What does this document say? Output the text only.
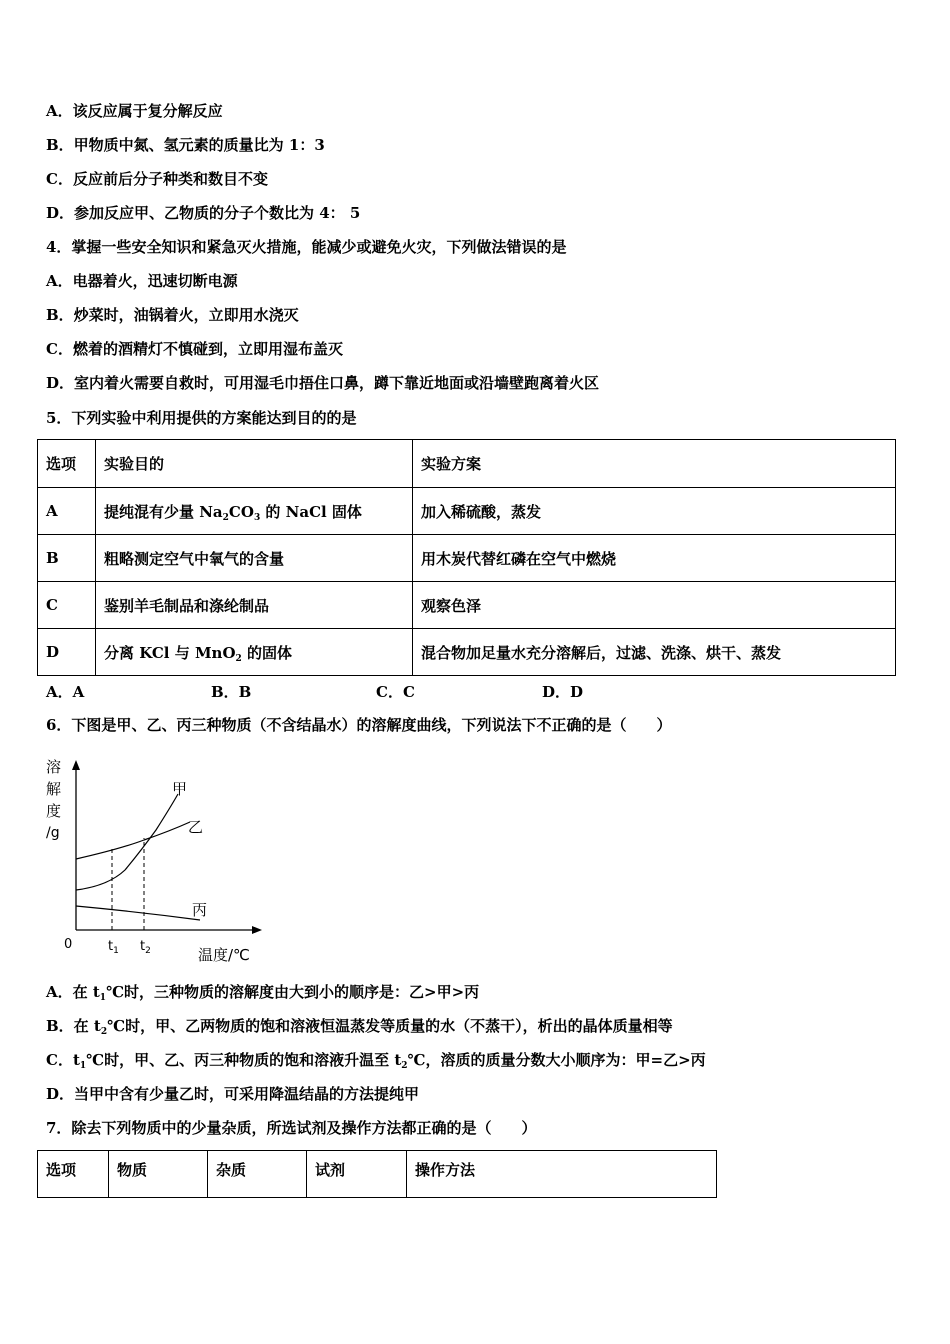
A．该反应属于复分解反应
B．甲物质中氮、氢元素的质量比为 1：3
C．反应前后分子种类和数目不变
D．参加反应甲、乙物质的分子个数比为 4： 5
4．掌握一些安全知识和紧急灭火措施，能减少或避免火灾，下列做法错误的是
A．电器着火，迅速切断电源
B．炒菜时，油锅着火，立即用水浇灭
C．燃着的酒精灯不慎碰到，立即用湿布盖灭
D．室内着火需要自救时，可用湿毛巾捂住口鼻，蹲下靠近地面或沿墙壁跑离着火区
5．下列实验中利用提供的方案能达到目的的是
选项	实验目的	实验方案
A	提纯混有少量 $Na_2CO_3$ 的 NaCl 固体	加入稀硫酸，蒸发
B	粗略测定空气中氧气的含量	用木炭代替红磷在空气中燃烧
C	鉴别羊毛制品和涤纶制品	观察色泽
D	分离 KCl 与 MnO$_2$ 的固体	混合物加足量水充分溶解后，过滤、洗涤、烘干、蒸发
A．A	B．B	C．C	D．D
6．下图是甲、乙、丙三种物质（不含结晶水）的溶解度曲线，下列说法下不正确的是（　　）
溶
解
度
/g
甲
乙
丙
0	$t_1$ $t_2$	温度/℃
A．在 $t_1℃$时，三种物质的溶解度由大到小的顺序是：乙>甲>丙
B．在 $t_2℃$时，甲、乙两物质的饱和溶液恒温蒸发等质量的水（不蒸干），析出的晶体质量相等
C．$t_1℃$时，甲、乙、丙三种物质的饱和溶液升温至 $t_2℃$，溶质的质量分数大小顺序为：甲=乙>丙
D．当甲中含有少量乙时，可采用降温结晶的方法提纯甲
7．除去下列物质中的少量杂质，所选试剂及操作方法都正确的是（　　）
选项	物质	杂质	试剂	操作方法
